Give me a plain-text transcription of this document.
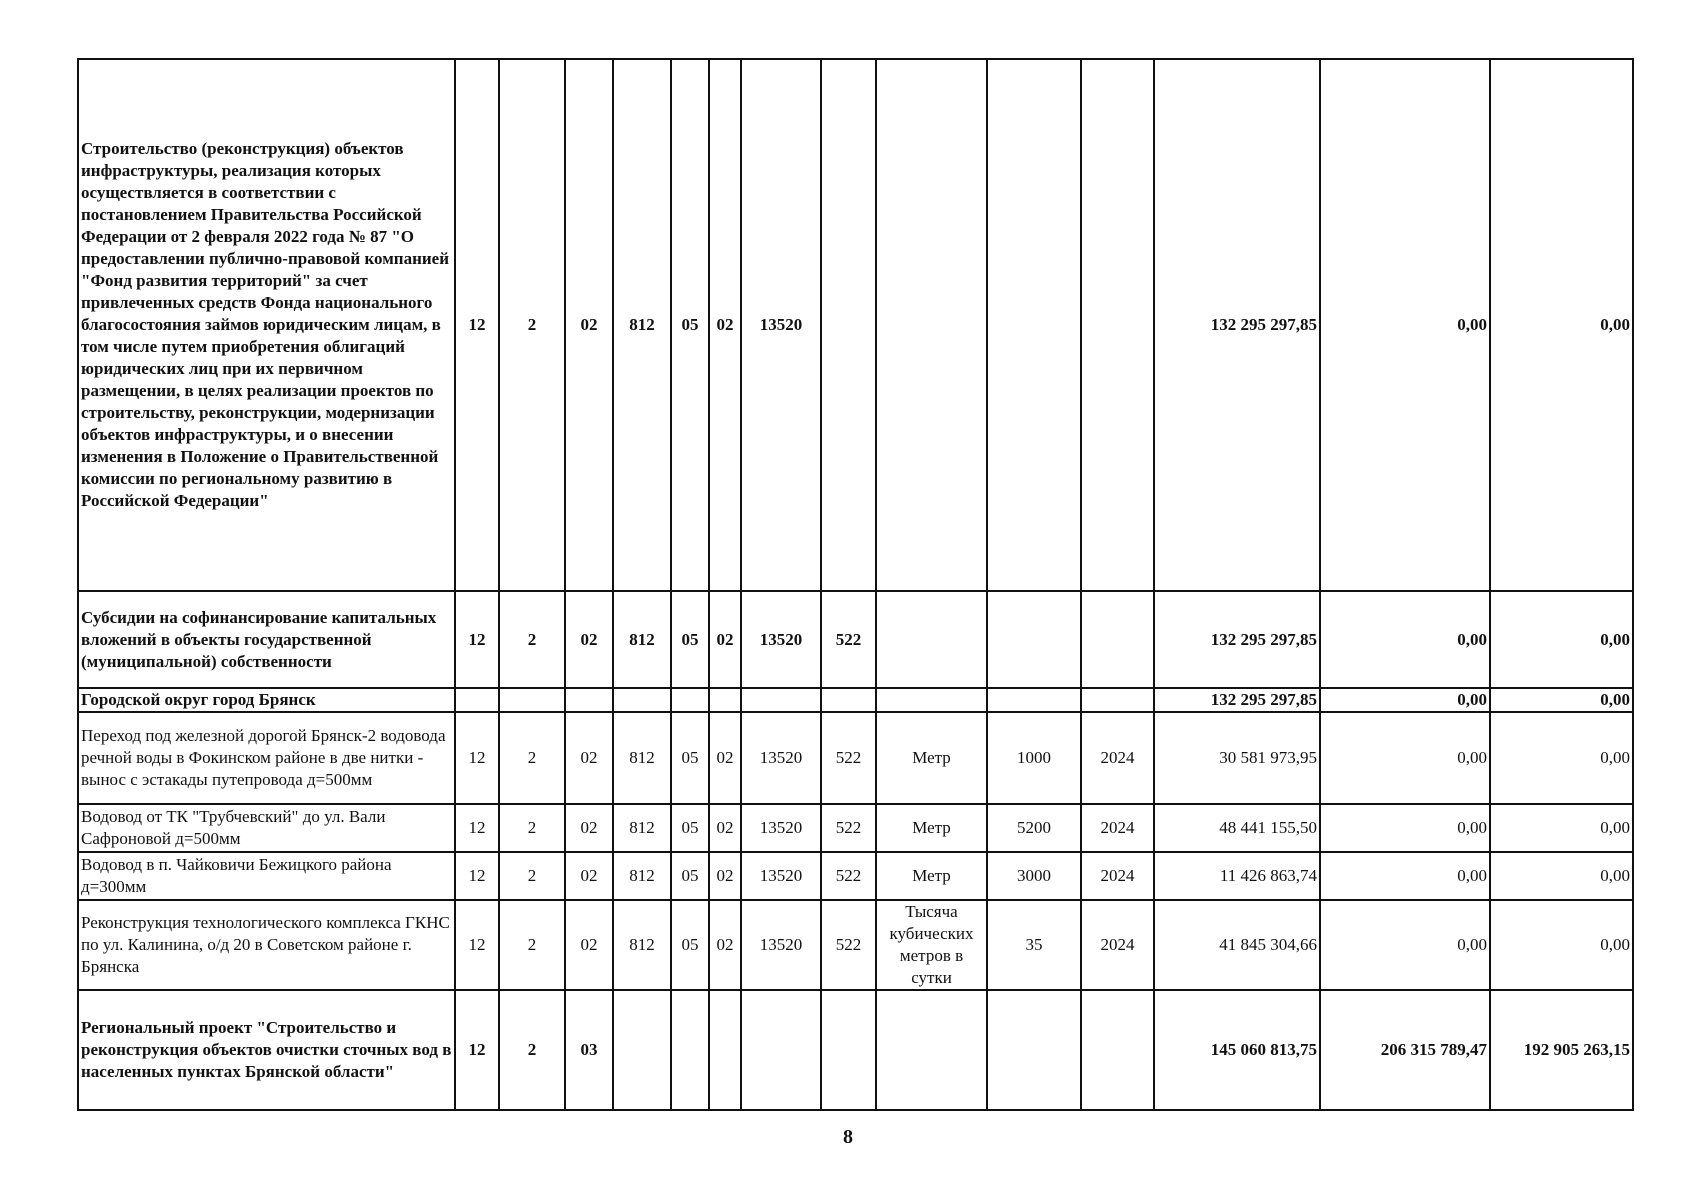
Строительство (реконструкция) объектов инфраструктуры, реализация которых осуществляется в соответствии с постановлением Правительства Российской Федерации от 2 февраля 2022 года № 87 "О предоставлении публично-правовой компанией "Фонд развития территорий" за счет привлеченных средств Фонда национального благосостояния займов юридическим лицам, в том числе путем приобретения облигаций юридических лиц при их первичном размещении, в целях реализации проектов по строительству, реконструкции, модернизации объектов инфраструктуры, и о внесении изменения в Положение о Правительственной комиссии по региональному развитию в Российской Федерации"	12	2	02	812	05	02	13520					132 295 297,85	0,00	0,00
Субсидии на софинансирование капитальных вложений в объекты государственной (муниципальной) собственности	12	2	02	812	05	02	13520	522				132 295 297,85	0,00	0,00
Городской округ город Брянск												132 295 297,85	0,00	0,00
Переход под железной дорогой Брянск-2 водовода речной воды в Фокинском районе в две нитки - вынос с эстакады путепровода д=500мм	12	2	02	812	05	02	13520	522	Метр	1000	2024	30 581 973,95	0,00	0,00
Водовод от ТК "Трубчевский" до ул. Вали Сафроновой д=500мм	12	2	02	812	05	02	13520	522	Метр	5200	2024	48 441 155,50	0,00	0,00
Водовод в п. Чайковичи Бежицкого района д=300мм	12	2	02	812	05	02	13520	522	Метр	3000	2024	11 426 863,74	0,00	0,00
Реконструкция технологического комплекса ГКНС по ул. Калинина, о/д 20 в Советском районе г. Брянска	12	2	02	812	05	02	13520	522	Тысяча кубических метров в сутки	35	2024	41 845 304,66	0,00	0,00
Региональный проект "Строительство и реконструкция объектов очистки сточных вод в населенных пунктах Брянской области"	12	2	03									145 060 813,75	206 315 789,47	192 905 263,15
8
